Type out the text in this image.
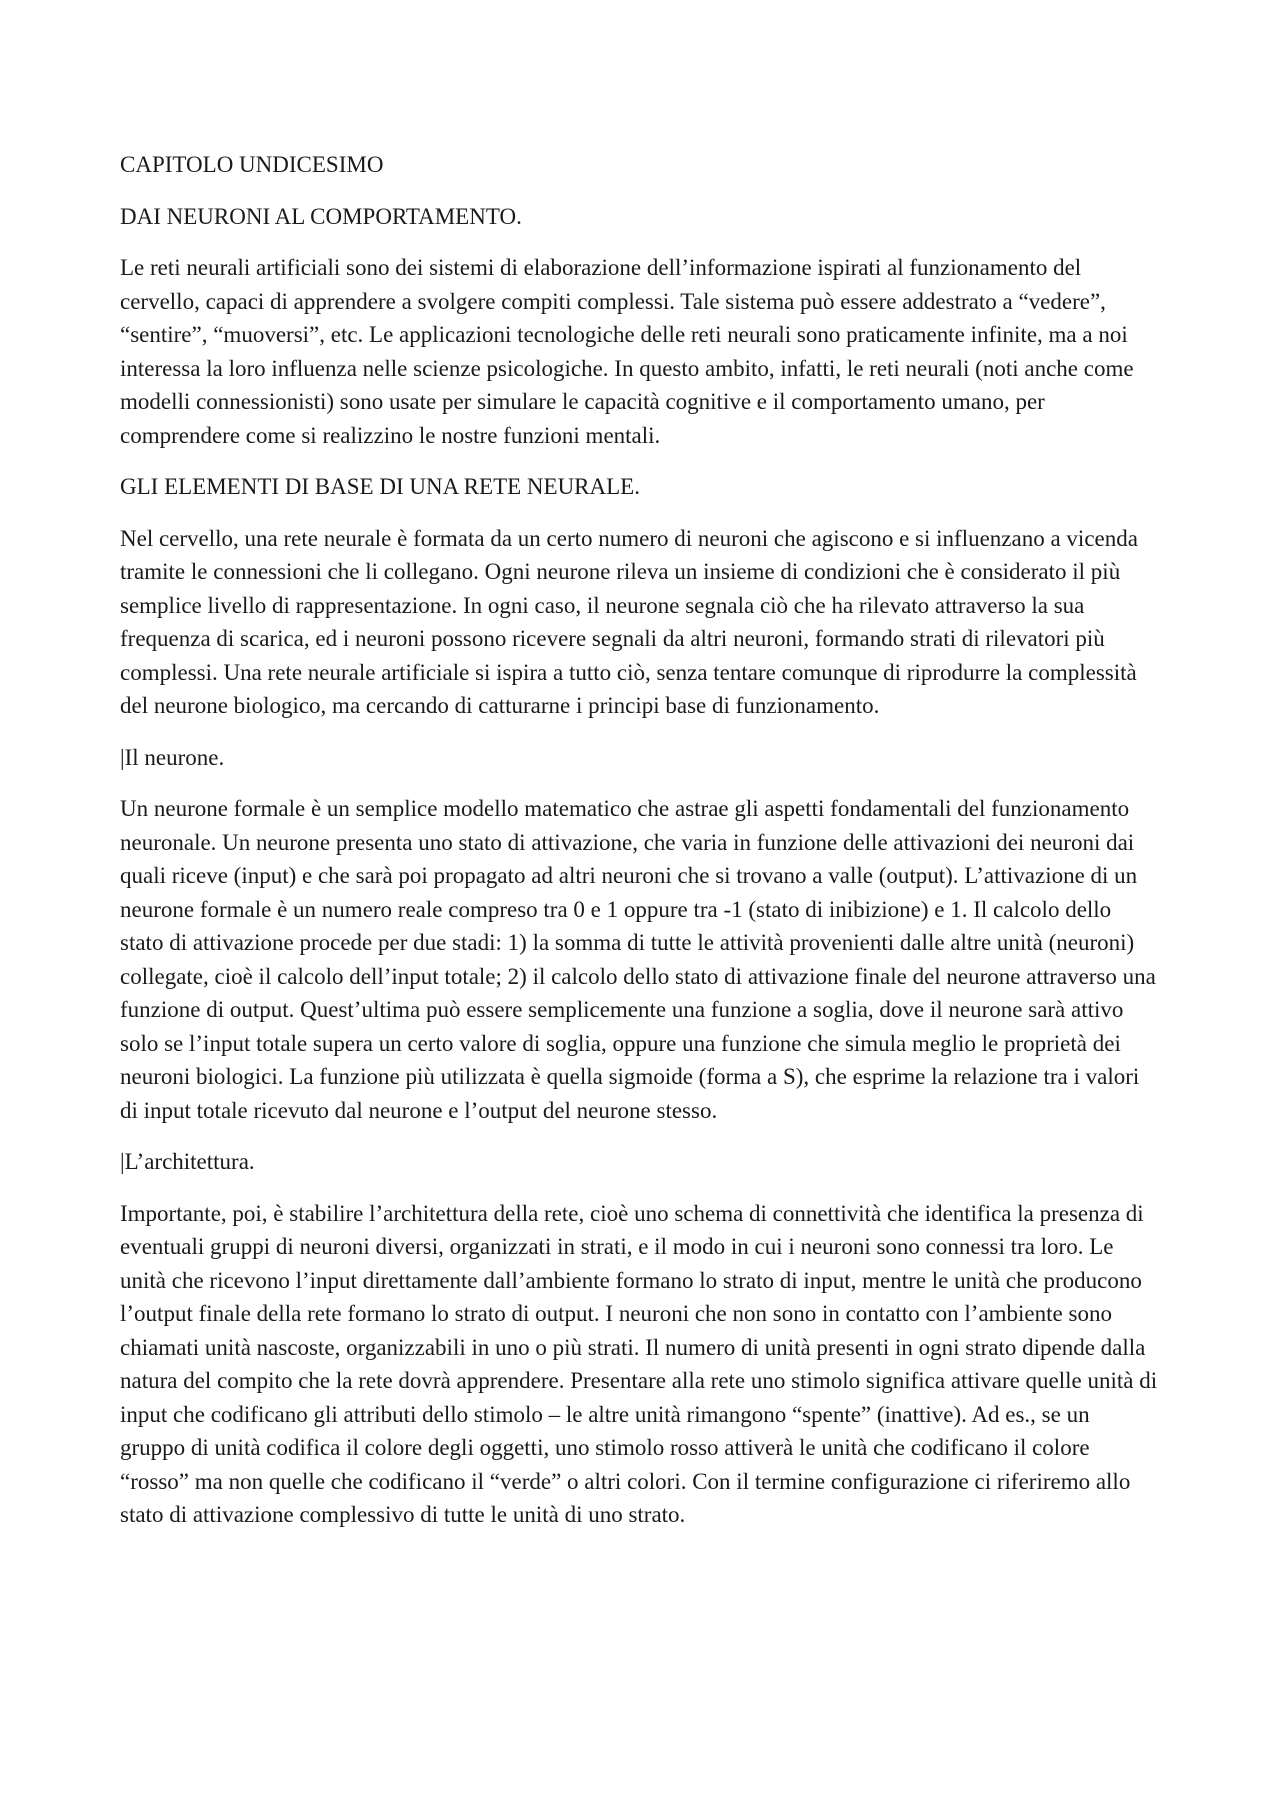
CAPITOLO UNDICESIMO
DAI NEURONI AL COMPORTAMENTO.

Le reti neurali artificiali sono dei sistemi di elaborazione dell’informazione ispirati al funzionamento del cervello, capaci di apprendere a svolgere compiti complessi. Tale sistema può essere addestrato a “vedere”, “sentire”, “muoversi”, etc. Le applicazioni tecnologiche delle reti neurali sono praticamente infinite, ma a noi interessa la loro influenza nelle scienze psicologiche. In questo ambito, infatti, le reti neurali (noti anche come modelli connessionisti) sono usate per simulare le capacità cognitive e il comportamento umano, per comprendere come si realizzino le nostre funzioni mentali.

GLI ELEMENTI DI BASE DI UNA RETE NEURALE.

Nel cervello, una rete neurale è formata da un certo numero di neuroni che agiscono e si influenzano a vicenda tramite le connessioni che li collegano. Ogni neurone rileva un insieme di condizioni che è considerato il più semplice livello di rappresentazione. In ogni caso, il neurone segnala ciò che ha rilevato attraverso la sua frequenza di scarica, ed i neuroni possono ricevere segnali da altri neuroni, formando strati di rilevatori più complessi. Una rete neurale artificiale si ispira a tutto ciò, senza tentare comunque di riprodurre la complessità del neurone biologico, ma cercando di catturarne i principi base di funzionamento.

|Il neurone.

Un neurone formale è un semplice modello matematico che astrae gli aspetti fondamentali del funzionamento neuronale. Un neurone presenta uno stato di attivazione, che varia in funzione delle attivazioni dei neuroni dai quali riceve (input) e che sarà poi propagato ad altri neuroni che si trovano a valle (output). L’attivazione di un neurone formale è un numero reale compreso tra 0 e 1 oppure tra -1 (stato di inibizione) e 1. Il calcolo dello stato di attivazione procede per due stadi: 1) la somma di tutte le attività provenienti dalle altre unità (neuroni) collegate, cioè il calcolo dell’input totale; 2) il calcolo dello stato di attivazione finale del neurone attraverso una funzione di output. Quest’ultima può essere semplicemente una funzione a soglia, dove il neurone sarà attivo solo se l’input totale supera un certo valore di soglia, oppure una funzione che simula meglio le proprietà dei neuroni biologici. La funzione più utilizzata è quella sigmoide (forma a S), che esprime la relazione tra i valori di input totale ricevuto dal neurone e l’output del neurone stesso.

|L’architettura.

Importante, poi, è stabilire l’architettura della rete, cioè uno schema di connettività che identifica la presenza di eventuali gruppi di neuroni diversi, organizzati in strati, e il modo in cui i neuroni sono connessi tra loro. Le unità che ricevono l’input direttamente dall’ambiente formano lo strato di input, mentre le unità che producono l’output finale della rete formano lo strato di output. I neuroni che non sono in contatto con l’ambiente sono chiamati unità nascoste, organizzabili in uno o più strati. Il numero di unità presenti in ogni strato dipende dalla natura del compito che la rete dovrà apprendere. Presentare alla rete uno stimolo significa attivare quelle unità di input che codificano gli attributi dello stimolo – le altre unità rimangono “spente” (inattive). Ad es., se un gruppo di unità codifica il colore degli oggetti, uno stimolo rosso attiverà le unità che codificano il colore “rosso” ma non quelle che codificano il “verde” o altri colori. Con il termine configurazione ci riferiremo allo stato di attivazione complessivo di tutte le unità di uno strato.
